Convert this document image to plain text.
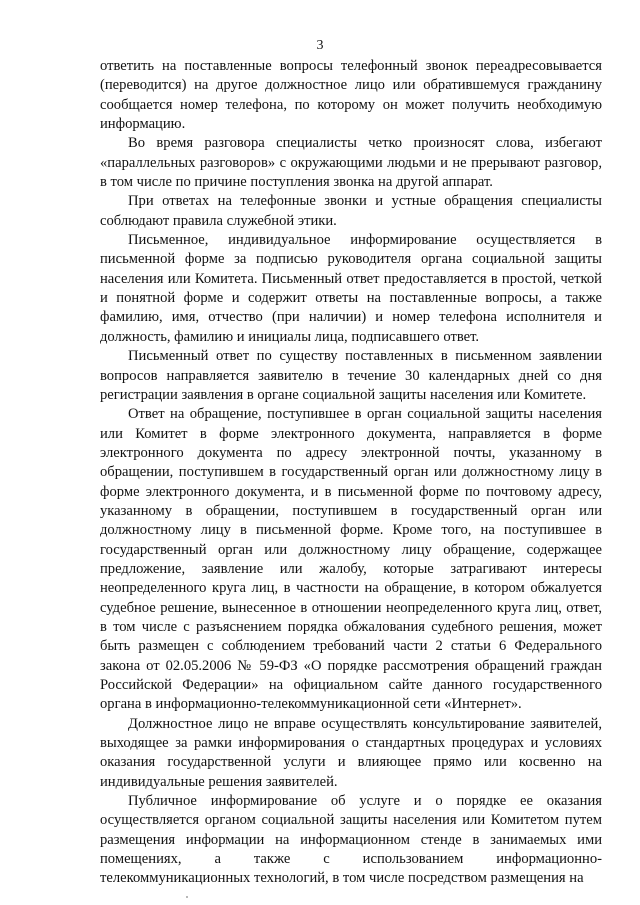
3

ответить на поставленные вопросы телефонный звонок переадресовывается (переводится) на другое должностное лицо или обратившемуся гражданину сообщается номер телефона, по которому он может получить необходимую информацию.

Во время разговора специалисты четко произносят слова, избегают «параллельных разговоров» с окружающими людьми и не прерывают разговор, в том числе по причине поступления звонка на другой аппарат.

При ответах на телефонные звонки и устные обращения специалисты соблюдают правила служебной этики.

Письменное, индивидуальное информирование осуществляется в письменной форме за подписью руководителя органа социальной защиты населения или Комитета. Письменный ответ предоставляется в простой, четкой и понятной форме и содержит ответы на поставленные вопросы, а также фамилию, имя, отчество (при наличии) и номер телефона исполнителя и должность, фамилию и инициалы лица, подписавшего ответ.

Письменный ответ по существу поставленных в письменном заявлении вопросов направляется заявителю в течение 30 календарных дней со дня регистрации заявления в органе социальной защиты населения или Комитете.

Ответ на обращение, поступившее в орган социальной защиты населения или Комитет в форме электронного документа, направляется в форме электронного документа по адресу электронной почты, указанному в обращении, поступившем в государственный орган или должностному лицу в форме электронного документа, и в письменной форме по почтовому адресу, указанному в обращении, поступившем в государственный орган или должностному лицу в письменной форме. Кроме того, на поступившее в государственный орган или должностному лицу обращение, содержащее предложение, заявление или жалобу, которые затрагивают интересы неопределенного круга лиц, в частности на обращение, в котором обжалуется судебное решение, вынесенное в отношении неопределенного круга лиц, ответ, в том числе с разъяснением порядка обжалования судебного решения, может быть размещен с соблюдением требований части 2 статьи 6 Федерального закона от 02.05.2006 № 59-ФЗ «О порядке рассмотрения обращений граждан Российской Федерации» на официальном сайте данного государственного органа в информационно-телекоммуникационной сети «Интернет».

Должностное лицо не вправе осуществлять консультирование заявителей, выходящее за рамки информирования о стандартных процедурах и условиях оказания государственной услуги и влияющее прямо или косвенно на индивидуальные решения заявителей.

Публичное информирование об услуге и о порядке ее оказания осуществляется органом социальной защиты населения или Комитетом путем размещения информации на информационном стенде в занимаемых ими помещениях, а также с использованием информационно-телекоммуникационных технологий, в том числе посредством размещения на
